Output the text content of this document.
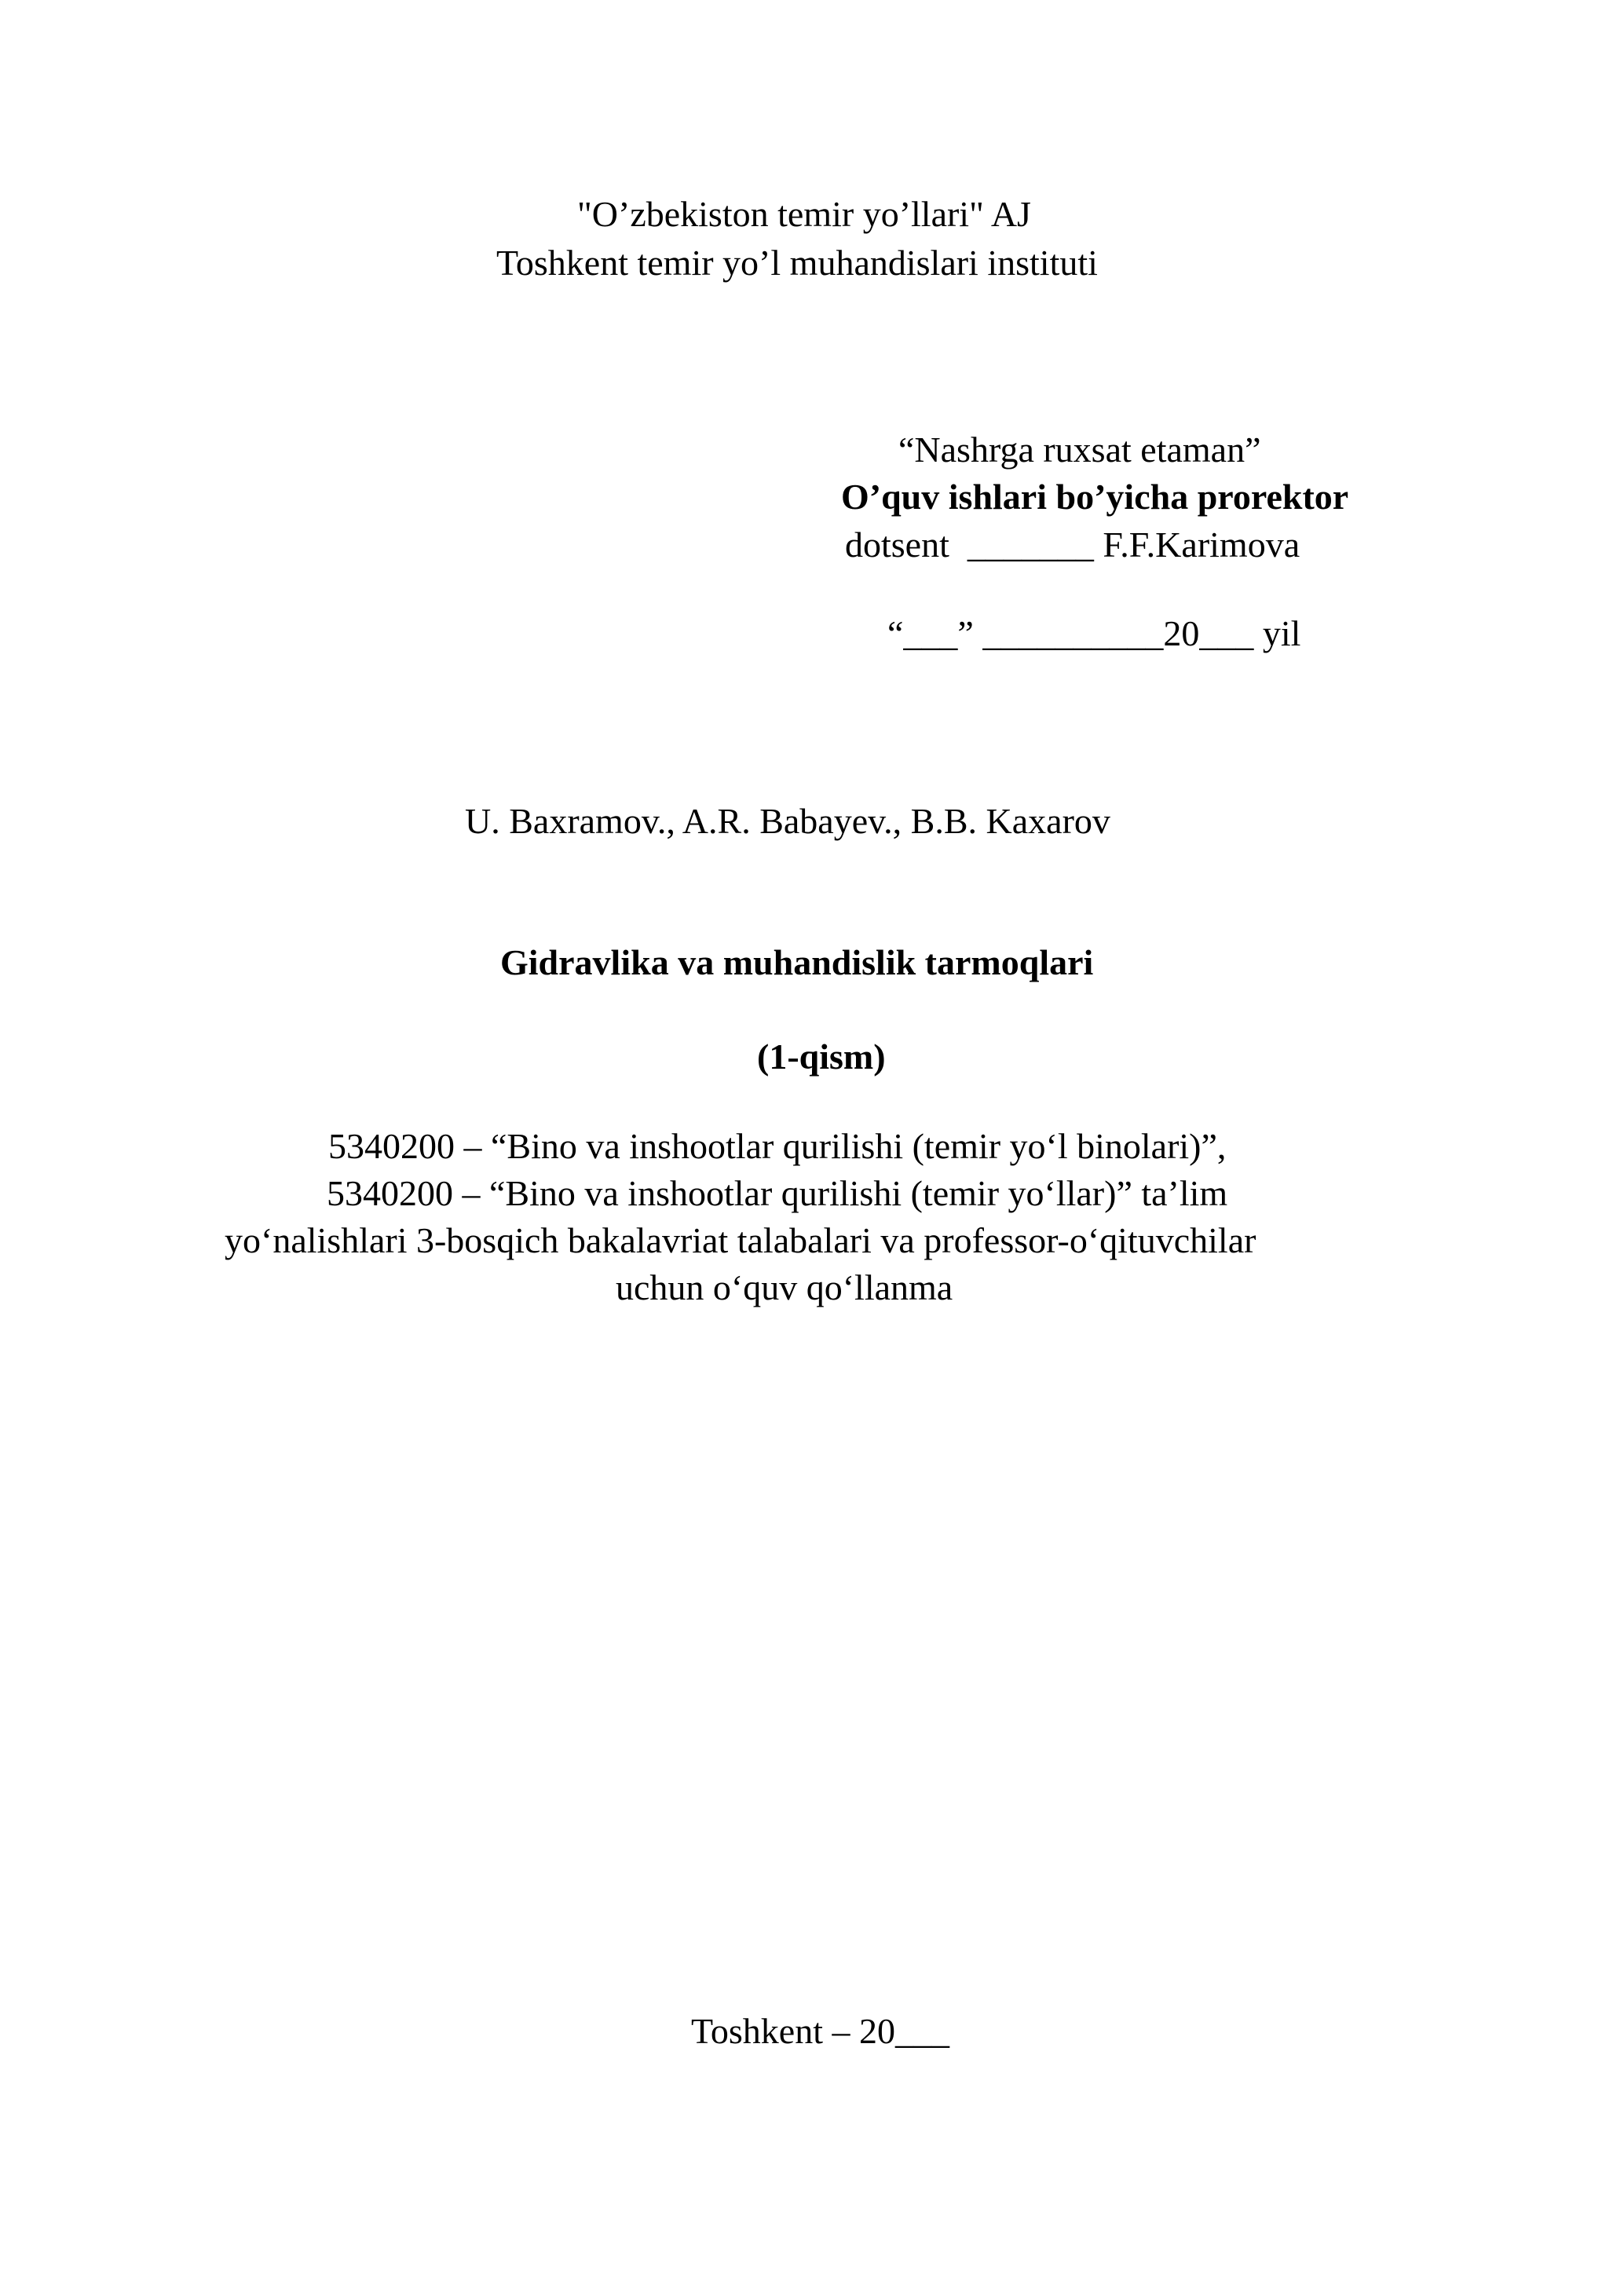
"O’zbekiston temir yo’llari" AJ
Toshkent temir yo’l muhandislari instituti
“Nashrga ruxsat etaman”
O’quv ishlari bo’yicha prorektor
dotsent  _______ F.F.Karimova
“___” __________20___ yil
U. Baxramov., A.R. Babayev., B.B. Kaxarov
Gidravlika va muhandislik tarmoqlari
(1-qism)
5340200 – “Bino va inshootlar qurilishi (temir yo‘l binolari)”,
5340200 – “Bino va inshootlar qurilishi (temir yo‘llar)” ta’lim
yo‘nalishlari 3-bosqich bakalavriat talabalari va professor-o‘qituvchilar
uchun o‘quv qo‘llanma
Toshkent – 20___
